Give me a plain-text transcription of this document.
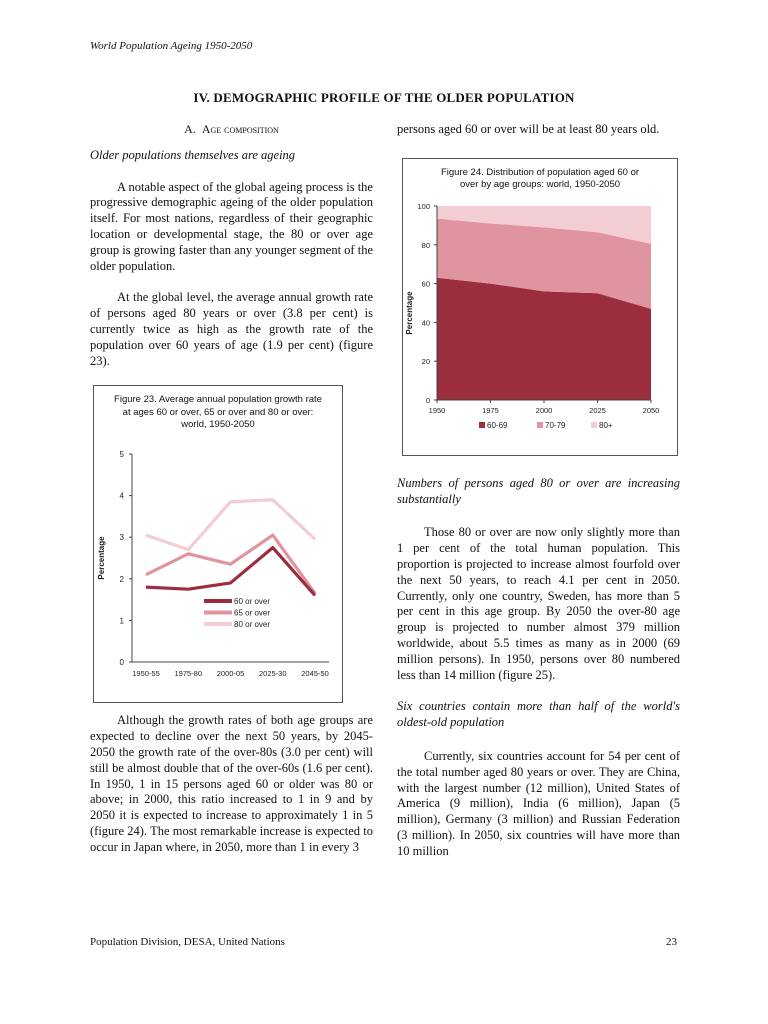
World Population Ageing 1950-2050
IV. DEMOGRAPHIC PROFILE OF THE OLDER POPULATION
A. Age composition
Older populations themselves are ageing

A notable aspect of the global ageing process is the progressive demographic ageing of the older population itself. For most nations, regardless of their geographic location or developmental stage, the 80 or over age group is growing faster than any younger segment of the older population.

At the global level, the average annual growth rate of persons aged 80 years or over (3.8 per cent) is currently twice as high as the growth rate of the population over 60 years of age (1.9 per cent) (figure 23).

Figure 23. Average annual population growth rate at ages 60 or over, 65 or over and 80 or over: world, 1950-2050
0
1
2
3
4
5
1950-55 1975-80 2000-05 2025-30 2045-50
Percentage
60 or over
65 or over
80 or over

Although the growth rates of both age groups are expected to decline over the next 50 years, by 2045-2050 the growth rate of the over-80s (3.0 per cent) will still be almost double that of the over-60s (1.6 per cent). In 1950, 1 in 15 persons aged 60 or older was 80 or above; in 2000, this ratio increased to 1 in 9 and by 2050 it is expected to increase to approximately 1 in 5 (figure 24). The most remarkable increase is expected to occur in Japan where, in 2050, more than 1 in every 3

persons aged 60 or over will be at least 80 years old.

Figure 24. Distribution of population aged 60 or over by age groups: world, 1950-2050
0
20
40
60
80
100
1950	1975	2000	2025	2050
Percentage
60-69	70-79	80+
Numbers of persons aged 80 or over are increasing substantially

Those 80 or over are now only slightly more than 1 per cent of the total human population. This proportion is projected to increase almost fourfold over the next 50 years, to reach 4.1 per cent in 2050. Currently, only one country, Sweden, has more than 5 per cent in this age group. By 2050 the over-80 age group is projected to number almost 379 million worldwide, about 5.5 times as many as in 2000 (69 million persons). In 1950, persons over 80 numbered less than 14 million (figure 25).

Six countries contain more than half of the world's oldest-old population

Currently, six countries account for 54 per cent of the total number aged 80 years or over. They are China, with the largest number (12 million), United States of America (9 million), India (6 million), Japan (5 million), Germany (3 million) and Russian Federation (3 million). In 2050, six countries will have more than 10 million

Population Division, DESA, United Nations	23
